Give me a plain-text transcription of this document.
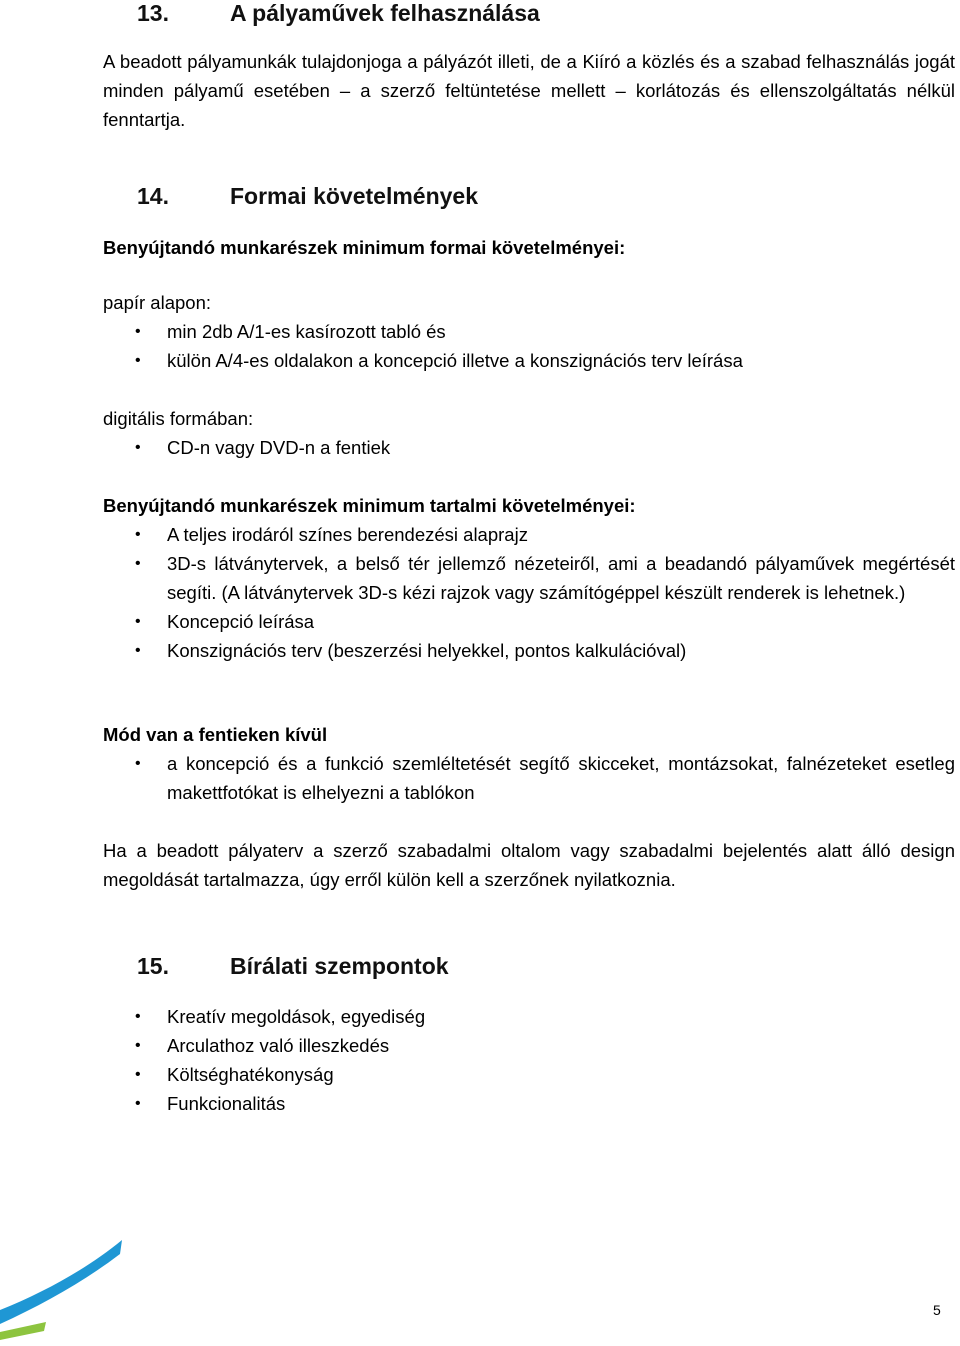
13.	A pályaművek felhasználása

A beadott pályamunkák tulajdonjoga a pályázót illeti, de a Kiíró a közlés és a szabad felhasználás jogát minden pályamű esetében – a szerző feltüntetése mellett – korlátozás és ellenszolgáltatás nélkül fenntartja.

14.	Formai követelmények

Benyújtandó munkarészek minimum formai követelményei:

papír alapon:

• min 2db A/1-es kasírozott tabló és
• külön A/4-es oldalakon a koncepció illetve a konszignációs terv leírása

digitális formában:

• CD-n vagy DVD-n a fentiek

Benyújtandó munkarészek minimum tartalmi követelményei:

• A teljes irodáról színes berendezési alaprajz
• 3D-s látványtervek, a belső tér jellemző nézeteiről, ami a beadandó pályaművek megértését segíti. (A látványtervek 3D-s kézi rajzok vagy számítógéppel készült renderek is lehetnek.)
• Koncepció leírása
• Konszignációs terv (beszerzési helyekkel, pontos kalkulációval)

Mód van a fentieken kívül

• a koncepció és a funkció szemléltetését segítő skicceket, montázsokat, falnézeteket esetleg makettfotókat is elhelyezni a tablókon

Ha a beadott pályaterv a szerző szabadalmi oltalom vagy szabadalmi bejelentés alatt álló design megoldását tartalmazza, úgy erről külön kell a szerzőnek nyilatkoznia.

15.	Bírálati szempontok
• Kreatív megoldások, egyediség
• Arculathoz való illeszkedés
• Költséghatékonyság
• Funkcionalitás
5
